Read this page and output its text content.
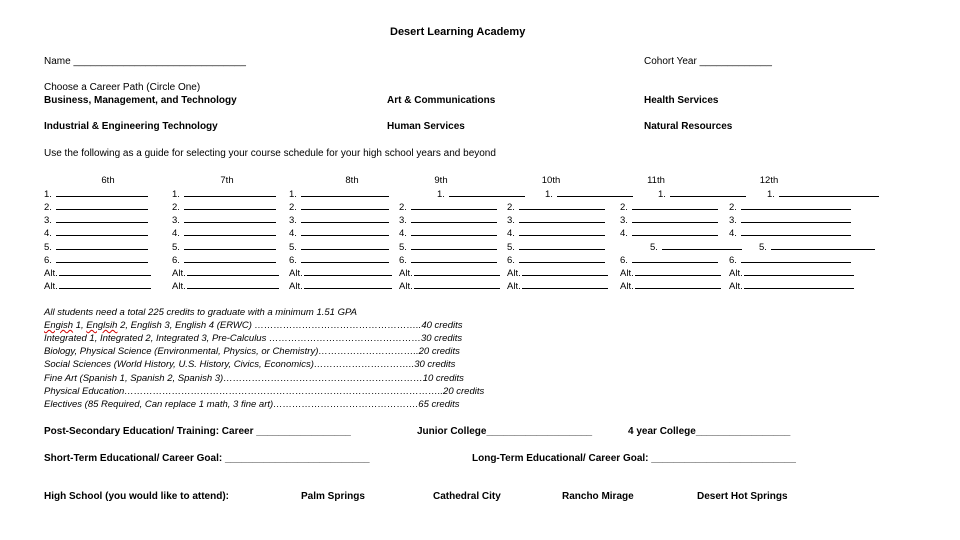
Desert Learning Academy
Name _______________________________	Cohort Year _____________
Choose a Career Path (Circle One)
Business, Management, and Technology	Art & Communications	Health Services
Industrial & Engineering Technology	Human Services	Natural Resources
Use the following as a guide for selecting your course schedule for your high school years and beyond
6th	7th	8th	9th	10th	11th	12th
1.	1.	1.	1.	1.	1.	1.
2.	2.	2.	2.	2.	2.	2.
3.	3.	3.	3.	3.	3.	3.
4.	4.	4.	4.	4.	4.	4.
5.	5.	5.	5.	5.	5.	5.
6.	6.	6.	6.	6.	6.	6.
Alt.	Alt.	Alt.	Alt.	Alt.	Alt.	Alt.
Alt.	Alt.	Alt.	Alt.	Alt.	Alt.	Alt.
All students need a total 225 credits to graduate with a minimum 1.51 GPA
Engish 1, Englsih 2, English 3, English 4 (ERWC) ……………………………………………..40 credits
Integrated 1, Integrated 2, Integrated 3, Pre-Calculus …………………………………………30 credits
Biology, Physical Science (Environmental, Physics, or Chemistry)…………………………..20 credits
Social Sciences (World History, U.S. History, Civics, Economics)…………………………..30 credits
Fine Art (Spanish 1, Spanish 2, Spanish 3)………………………………………………………10 credits
Physical Education………………………………………………………………………………………..20 credits
Electives (85 Required, Can replace 1 math, 3 fine art)……………………………………….65 credits
Post-Secondary Education/ Training: Career _________________	Junior College___________________	4 year College_________________
Short-Term Educational/ Career Goal: __________________________	Long-Term Educational/ Career Goal: __________________________
High School (you would like to attend):	Palm Springs	Cathedral City	Rancho Mirage	Desert Hot Springs
